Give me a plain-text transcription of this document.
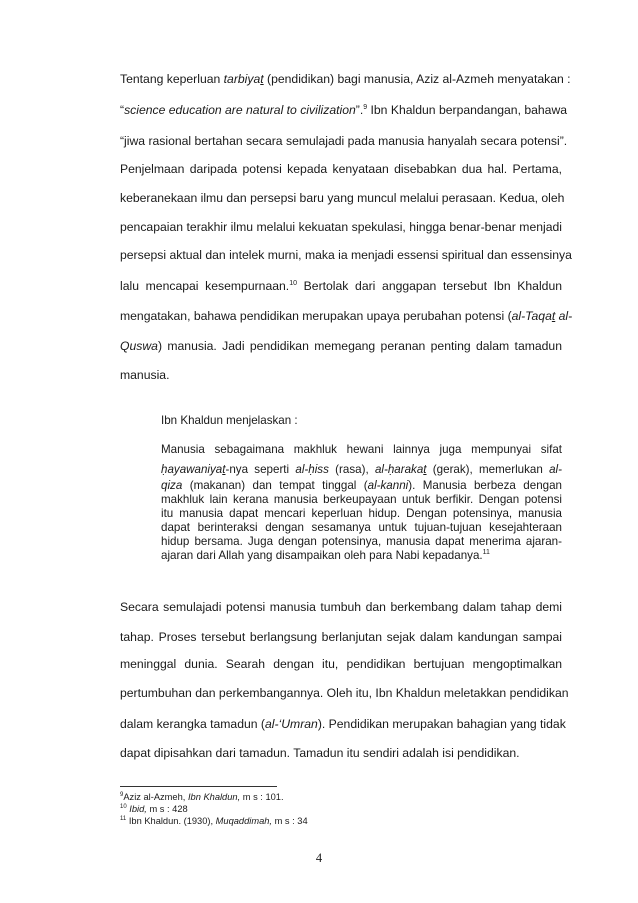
Tentang keperluan tarbiyat (pendidikan) bagi manusia, Aziz al-Azmeh menyatakan :

“science education are natural to civilization”.$^9$ Ibn Khaldun berpandangan, bahawa

“jiwa rasional bertahan secara semulajadi pada manusia hanyalah secara potensi”.

Penjelmaan daripada potensi kepada kenyataan disebabkan dua hal. Pertama,

keberanekaan ilmu dan persepsi baru yang muncul melalui perasaan. Kedua, oleh

pencapaian terakhir ilmu melalui kekuatan spekulasi, hingga benar-benar menjadi

persepsi aktual dan intelek murni, maka ia menjadi essensi spiritual dan essensinya

lalu mencapai kesempurnaan.$^{10}$ Bertolak dari anggapan tersebut Ibn Khaldun

mengatakan, bahawa pendidikan merupakan upaya perubahan potensi (al-Taqat al-

Quswa) manusia. Jadi pendidikan memegang peranan penting dalam tamadun

manusia.

Ibn Khaldun menjelaskan :

Manusia sebagaimana makhluk hewani lainnya juga mempunyai sifat

ḥayawaniyat-nya seperti al-ḥiss (rasa), al-ḥarakat (gerak), memerlukan al-

qiza (makanan) dan tempat tinggal (al-kanni). Manusia berbeza dengan

makhluk lain kerana manusia berkeupayaan untuk berfikir. Dengan potensi

itu manusia dapat mencari keperluan hidup. Dengan potensinya, manusia

dapat berinteraksi dengan sesamanya untuk tujuan-tujuan kesejahteraan

hidup bersama. Juga dengan potensinya, manusia dapat menerima ajaran-

ajaran dari Allah yang disampaikan oleh para Nabi kepadanya.$^{11}$

Secara semulajadi potensi manusia tumbuh dan berkembang dalam tahap demi

tahap. Proses tersebut berlangsung berlanjutan sejak dalam kandungan sampai

meninggal dunia. Searah dengan itu, pendidikan bertujuan mengoptimalkan

pertumbuhan dan perkembangannya. Oleh itu, Ibn Khaldun meletakkan pendidikan

dalam kerangka tamadun (al-‘Umran). Pendidikan merupakan bahagian yang tidak

dapat dipisahkan dari tamadun. Tamadun itu sendiri adalah isi pendidikan.

$^9$Aziz al-Azmeh, Ibn Khaldun, m s : 101.

$^{10}$ Ibid, m s : 428

$^{11}$ Ibn Khaldun. (1930), Muqaddimah, m s : 34

4
